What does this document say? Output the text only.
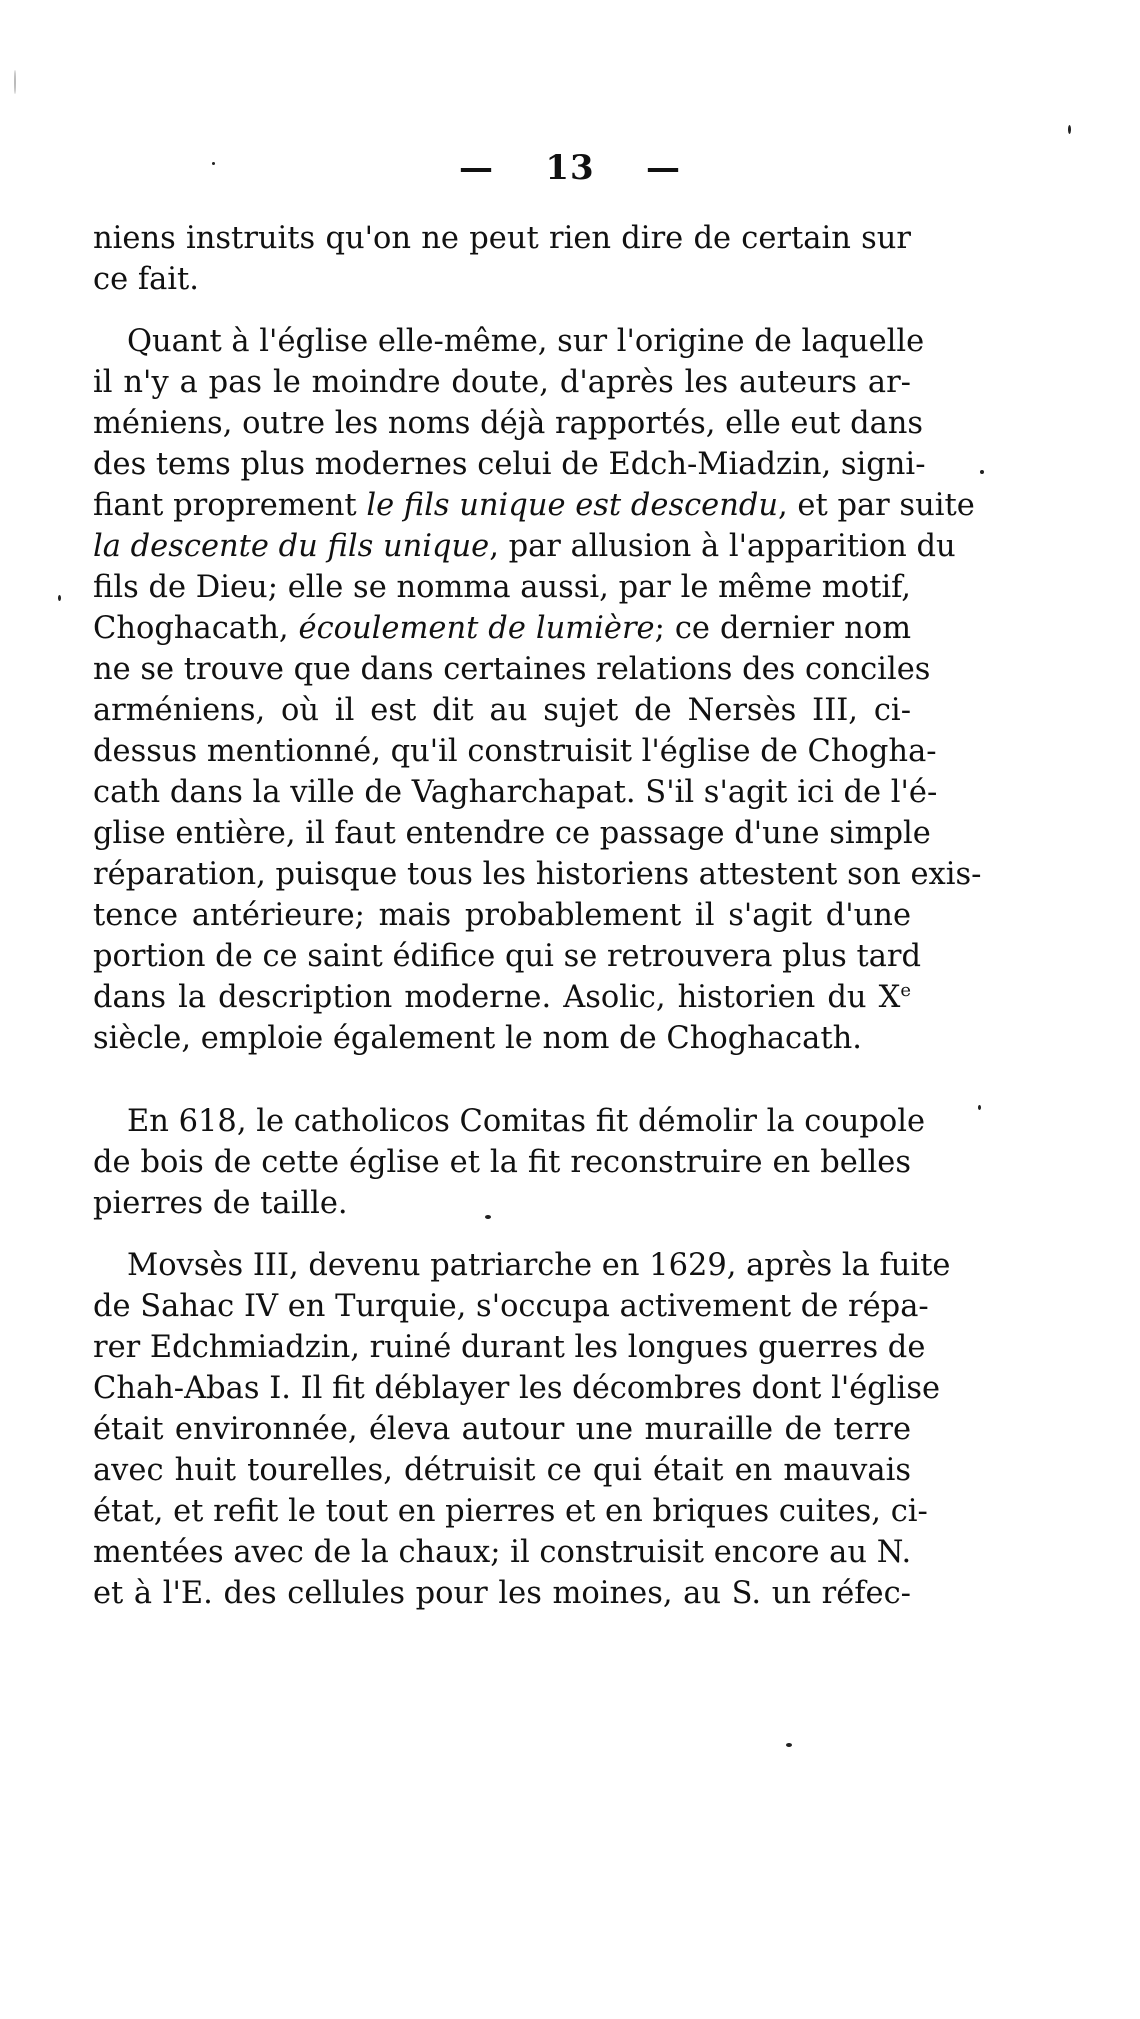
— 13 —
niens instruits qu'on ne peut rien dire de certain sur
ce fait.
Quant à l'église elle-même, sur l'origine de laquelle
il n'y a pas le moindre doute, d'après les auteurs ar-
méniens, outre les noms déjà rapportés, elle eut dans
des tems plus modernes celui de Edch-Miadzin, signi-
fiant proprement le fils unique est descendu, et par suite
la descente du fils unique, par allusion à l'apparition du
fils de Dieu; elle se nomma aussi, par le même motif,
Choghacath, écoulement de lumière; ce dernier nom
ne se trouve que dans certaines relations des conciles
arméniens, où il est dit au sujet de Nersès III, ci-
dessus mentionné, qu'il construisit l'église de Chogha-
cath dans la ville de Vagharchapat. S'il s'agit ici de l'é-
glise entière, il faut entendre ce passage d'une simple
réparation, puisque tous les historiens attestent son exis-
tence antérieure; mais probablement il s'agit d'une
portion de ce saint édifice qui se retrouvera plus tard
dans la description moderne. Asolic, historien du Xe
siècle, emploie également le nom de Choghacath.
En 618, le catholicos Comitas fit démolir la coupole
de bois de cette église et la fit reconstruire en belles
pierres de taille.
Movsès III, devenu patriarche en 1629, après la fuite
de Sahac IV en Turquie, s'occupa activement de répa-
rer Edchmiadzin, ruiné durant les longues guerres de
Chah-Abas I. Il fit déblayer les décombres dont l'église
était environnée, éleva autour une muraille de terre
avec huit tourelles, détruisit ce qui était en mauvais
état, et refit le tout en pierres et en briques cuites, ci-
mentées avec de la chaux; il construisit encore au N.
et à l'E. des cellules pour les moines, au S. un réfec-
